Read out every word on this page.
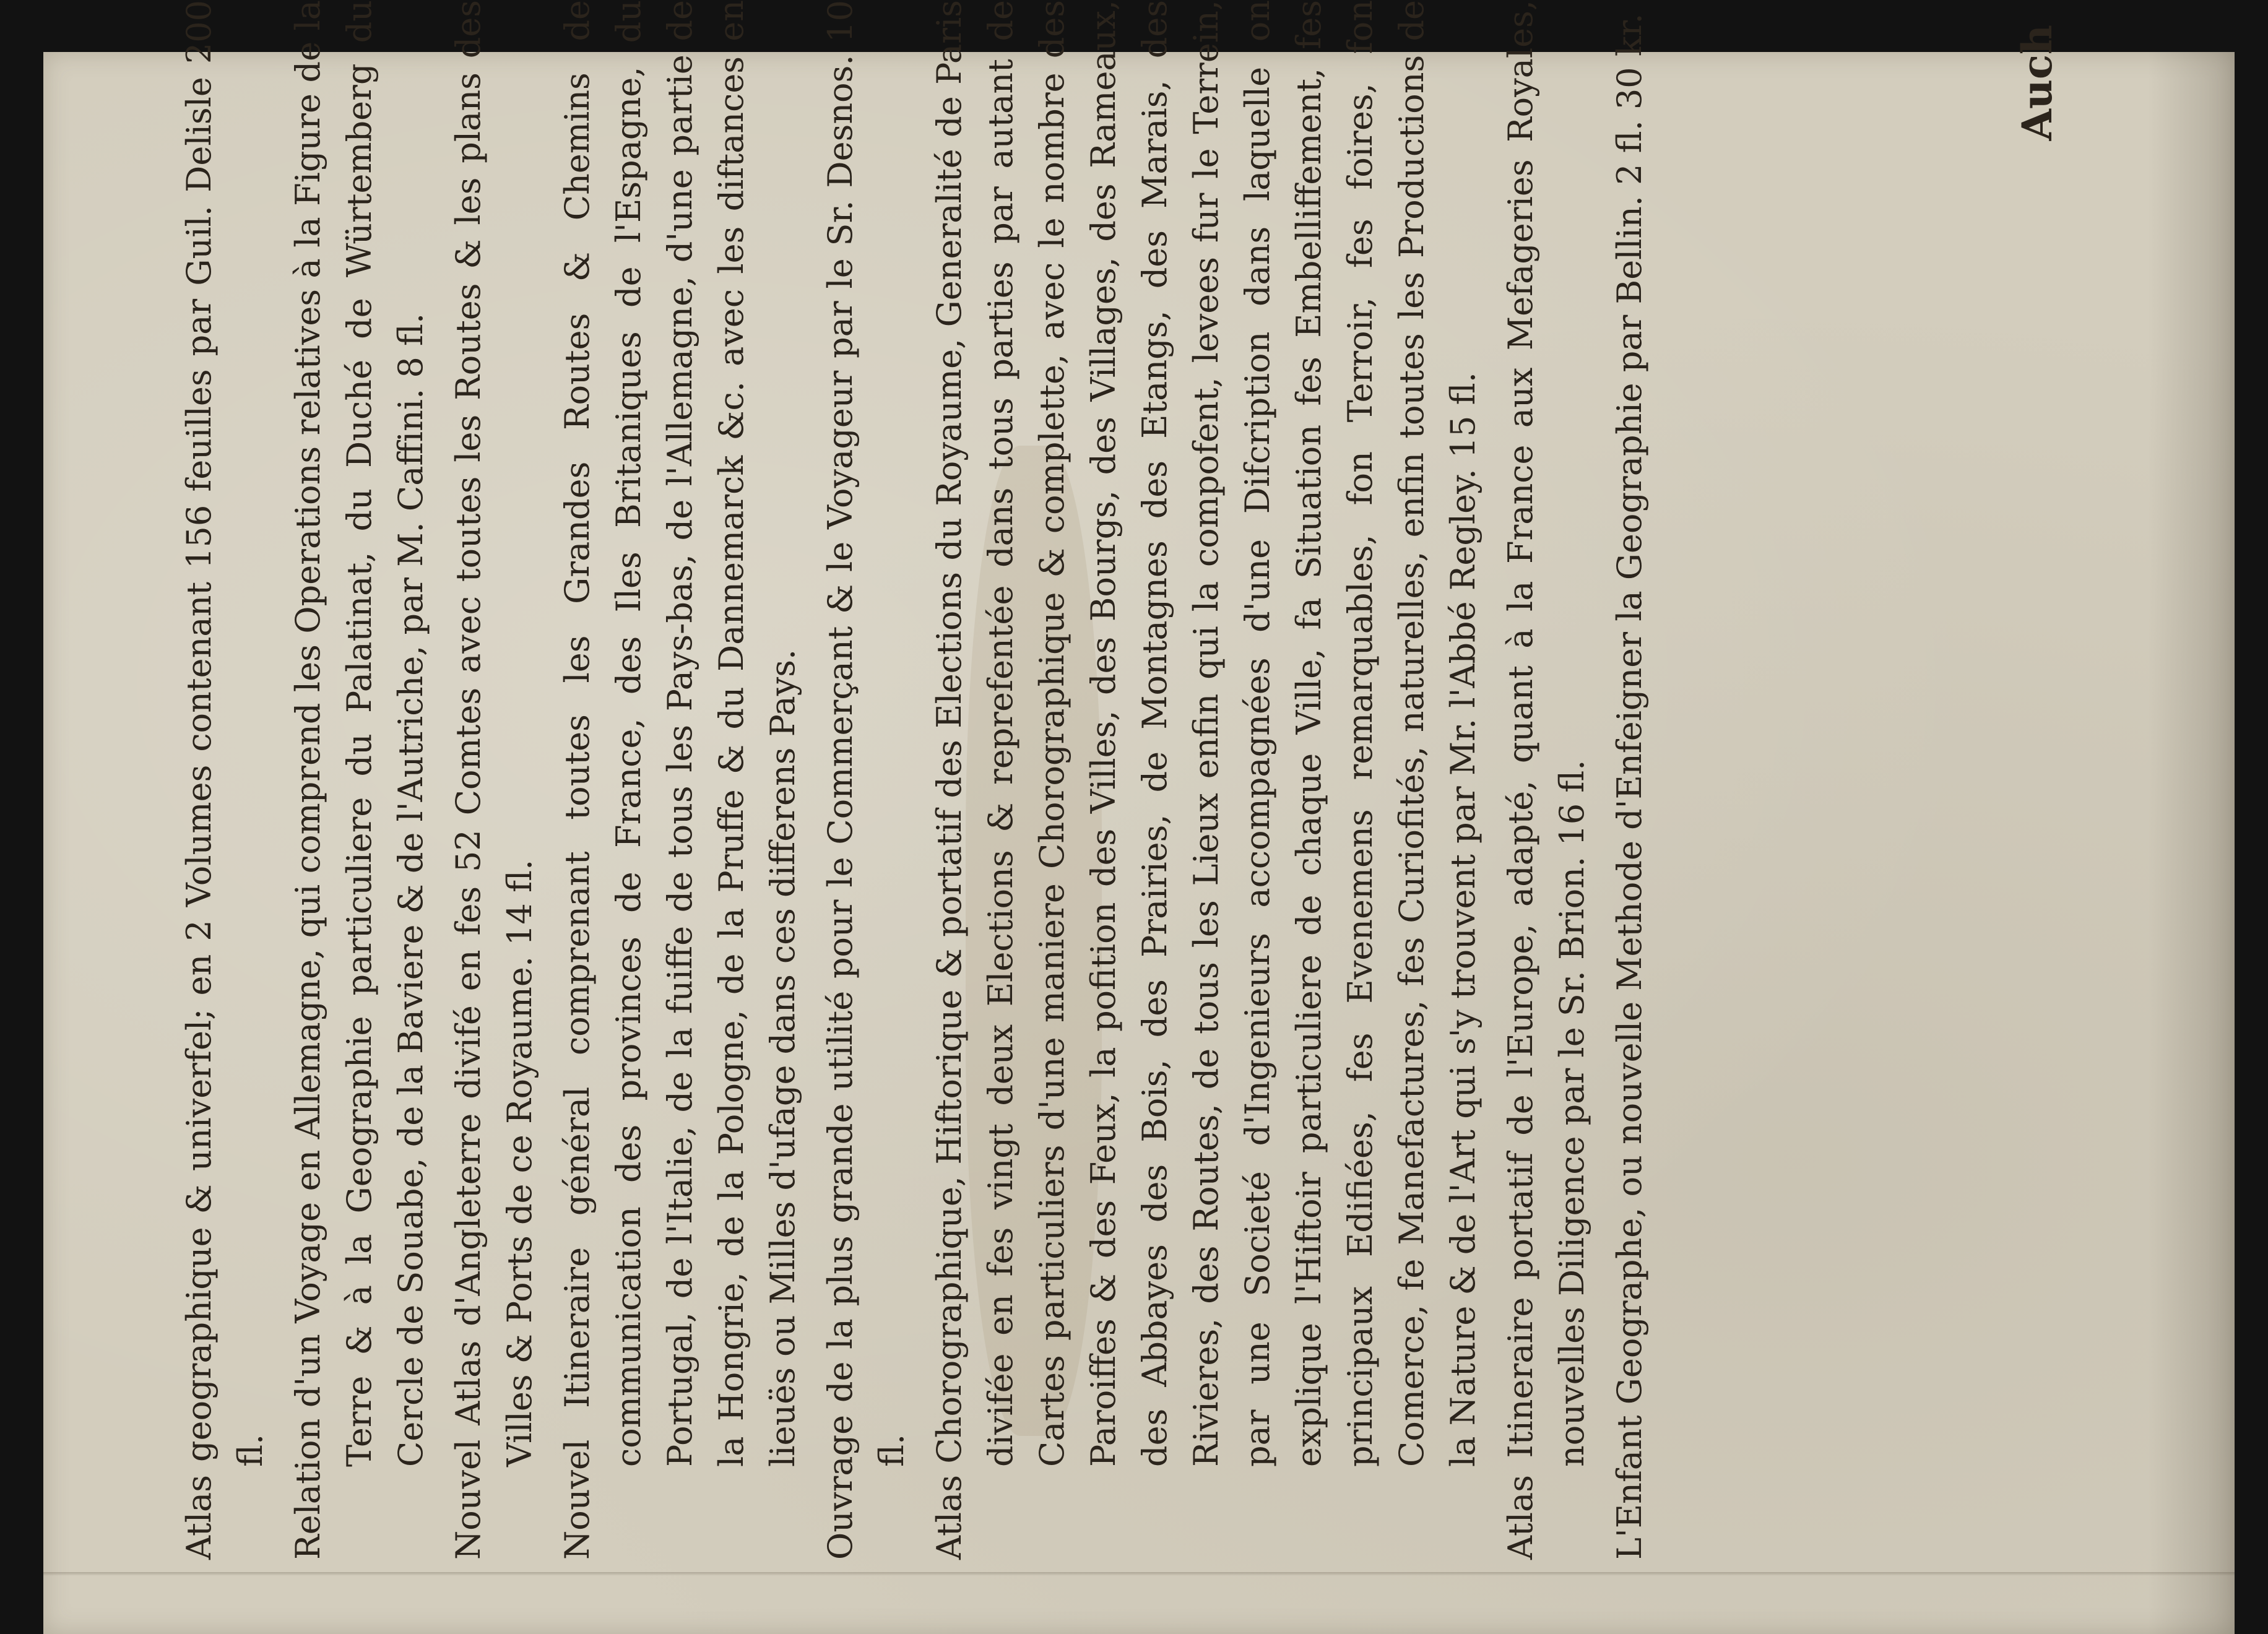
Atlas geographique & univerfel; en 2 Volumes contenant 156 feuilles par Guil. Delisle 200 fl. Relation d'un Voyage en Allemagne, qui comprend les Operations relatives à la Figure de la Terre & à la Geographie particuliere du Palatinat, du Duché de Würtemberg du Cercle de Souabe, de la Baviere & de l'Autriche, par M. Caffini. 8 fl. Nouvel Atlas d'Angleterre divifé en fes 52 Comtes avec toutes les Routes & les plans des Villes & Ports de ce Royaume. 14 fl. Nouvel Itineraire général comprenant toutes les Grandes Routes & Chemins de communication des provinces de France, des Iles Britaniques de l'Espagne, du Portugal, de l'Italie, de la fuiffe de tous les Pays-bas, de l'Allemagne, d'une partie de la Hongrie, de la Pologne, de la Pruffe & du Dannemarck &c. avec les diftances en lieuës ou Milles d'ufage dans ces differens Pays. Ouvrage de la plus grande utilité pour le Commerçant & le Voyageur par le Sr. Desnos. 10 fl. Atlas Chorographique, Hiftorique & portatif des Elections du Royaume, Generalité de Paris divifée en fes vingt deux Elections & reprefentée dans tous parties par autant de Cartes particuliers d'une maniere Chorographique & complette, avec le nombre des Paroiffes & des Feux, la pofition des Villes, des Bourgs, des Villages, des Rameaux, des Abbayes des Bois, des Prairies, de Montagnes des Etangs, des Marais, des Rivieres, des Routes, de tous les Lieux enfin qui la compofent, levees fur le Terrein, par une Societé d'Ingenieurs accompagnées d'une Difcription dans laquelle on explique l'Hiftoir particuliere de chaque Ville, fa Situation fes Embelliffement, fes principaux Edifiées, fes Evenemens remarquables, fon Terroir, fes foires, fon Comerce, fe Manefactures, fes Curiofités, naturelles, enfin toutes les Productions de la Nature & de l'Art qui s'y trouvent par Mr. l'Abbé Regley. 15 fl. Atlas Itineraire portatif de l'Europe, adapté, quant à la France aux Mefageries Royales, nouvelles Diligence par le Sr. Brion. 16 fl. L'Enfant Geographe, ou nouvelle Methode d'Enfeigner la Geographie par Bellin. 2 fl. 30 kr.	Auch
